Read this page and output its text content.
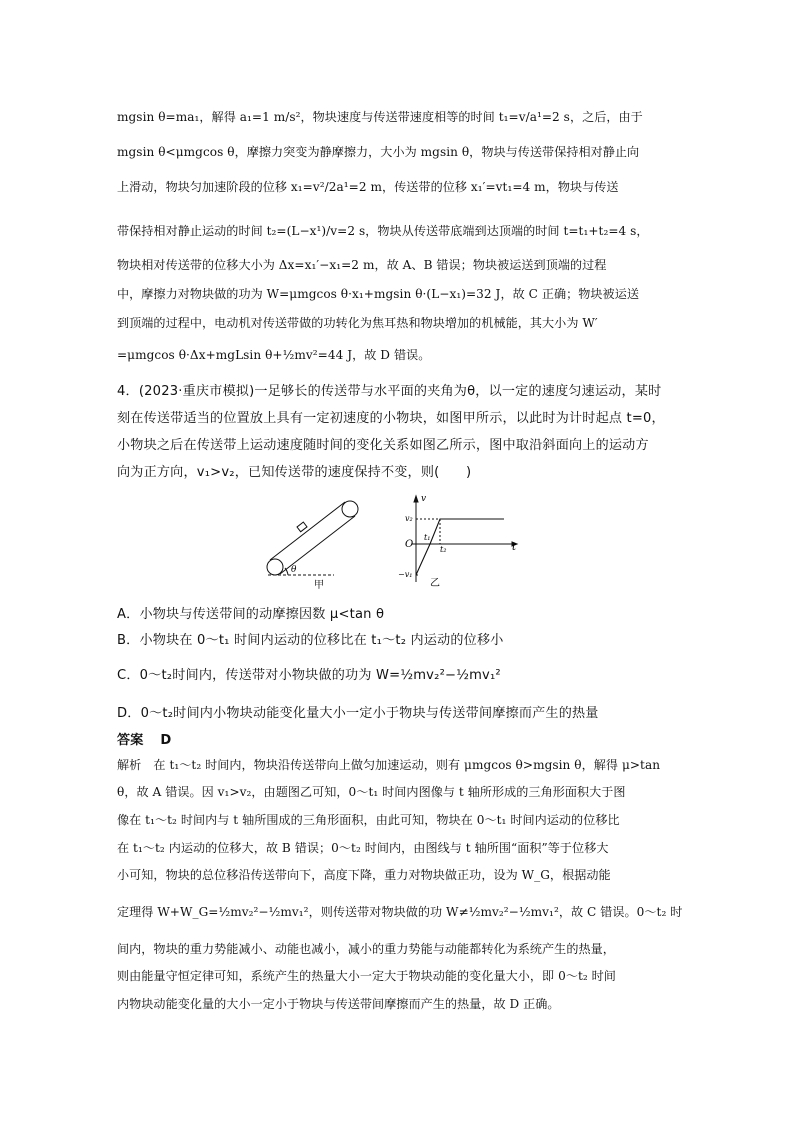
mgsin θ=ma₁，解得 a₁=1 m/s²，物块速度与传送带速度相等的时间 t₁=v/a¹=2 s，之后，由于
mgsin θ<μmgcos θ，摩擦力突变为静摩擦力，大小为 mgsin θ，物块与传送带保持相对静止向
上滑动，物块匀加速阶段的位移 x₁=v²/2a¹=2 m，传送带的位移 x₁′=vt₁=4 m，物块与传送
带保持相对静止运动的时间 t₂=(L−x¹)/v=2 s，物块从传送带底端到达顶端的时间 t=t₁+t₂=4 s，
物块相对传送带的位移大小为 Δx=x₁′−x₁=2 m，故 A、B 错误；物块被运送到顶端的过程
中，摩擦力对物块做的功为 W=μmgcos θ·x₁+mgsin θ·(L−x₁)=32 J，故 C 正确；物块被运送
到顶端的过程中，电动机对传送带做的功转化为焦耳热和物块增加的机械能，其大小为 W′
=μmgcos θ·Δx+mgLsin θ+½mv²=44 J，故 D 错误。
4．(2023·重庆市模拟)一足够长的传送带与水平面的夹角为θ，以一定的速度匀速运动，某时
刻在传送带适当的位置放上具有一定初速度的小物块，如图甲所示，以此时为计时起点 t=0，
小物块之后在传送带上运动速度随时间的变化关系如图乙所示，图中取沿斜面向上的运动方
向为正方向，v₁>v₂，已知传送带的速度保持不变，则(　　)
θ
甲
v
t
O
v₂
−v₁
t₁
t₂
乙
A．小物块与传送带间的动摩擦因数 μ<tan θ
B．小物块在 0～t₁ 时间内运动的位移比在 t₁～t₂ 内运动的位移小
C．0～t₂时间内，传送带对小物块做的功为 W=½mv₂²−½mv₁²
D．0～t₂时间内小物块动能变化量大小一定小于物块与传送带间摩擦而产生的热量
答案 D
解析　在 t₁～t₂ 时间内，物块沿传送带向上做匀加速运动，则有 μmgcos θ>mgsin θ，解得 μ>tan
θ，故 A 错误。因 v₁>v₂，由题图乙可知，0～t₁ 时间内图像与 t 轴所形成的三角形面积大于图
像在 t₁～t₂ 时间内与 t 轴所围成的三角形面积，由此可知，物块在 0～t₁ 时间内运动的位移比
在 t₁～t₂ 内运动的位移大，故 B 错误；0～t₂ 时间内，由图线与 t 轴所围“面积”等于位移大
小可知，物块的总位移沿传送带向下，高度下降，重力对物块做正功，设为 W_G，根据动能
定理得 W+W_G=½mv₂²−½mv₁²，则传送带对物块做的功 W≠½mv₂²−½mv₁²，故 C 错误。0～t₂ 时
间内，物块的重力势能减小、动能也减小，减小的重力势能与动能都转化为系统产生的热量，
则由能量守恒定律可知，系统产生的热量大小一定大于物块动能的变化量大小，即 0～t₂ 时间
内物块动能变化量的大小一定小于物块与传送带间摩擦而产生的热量，故 D 正确。
